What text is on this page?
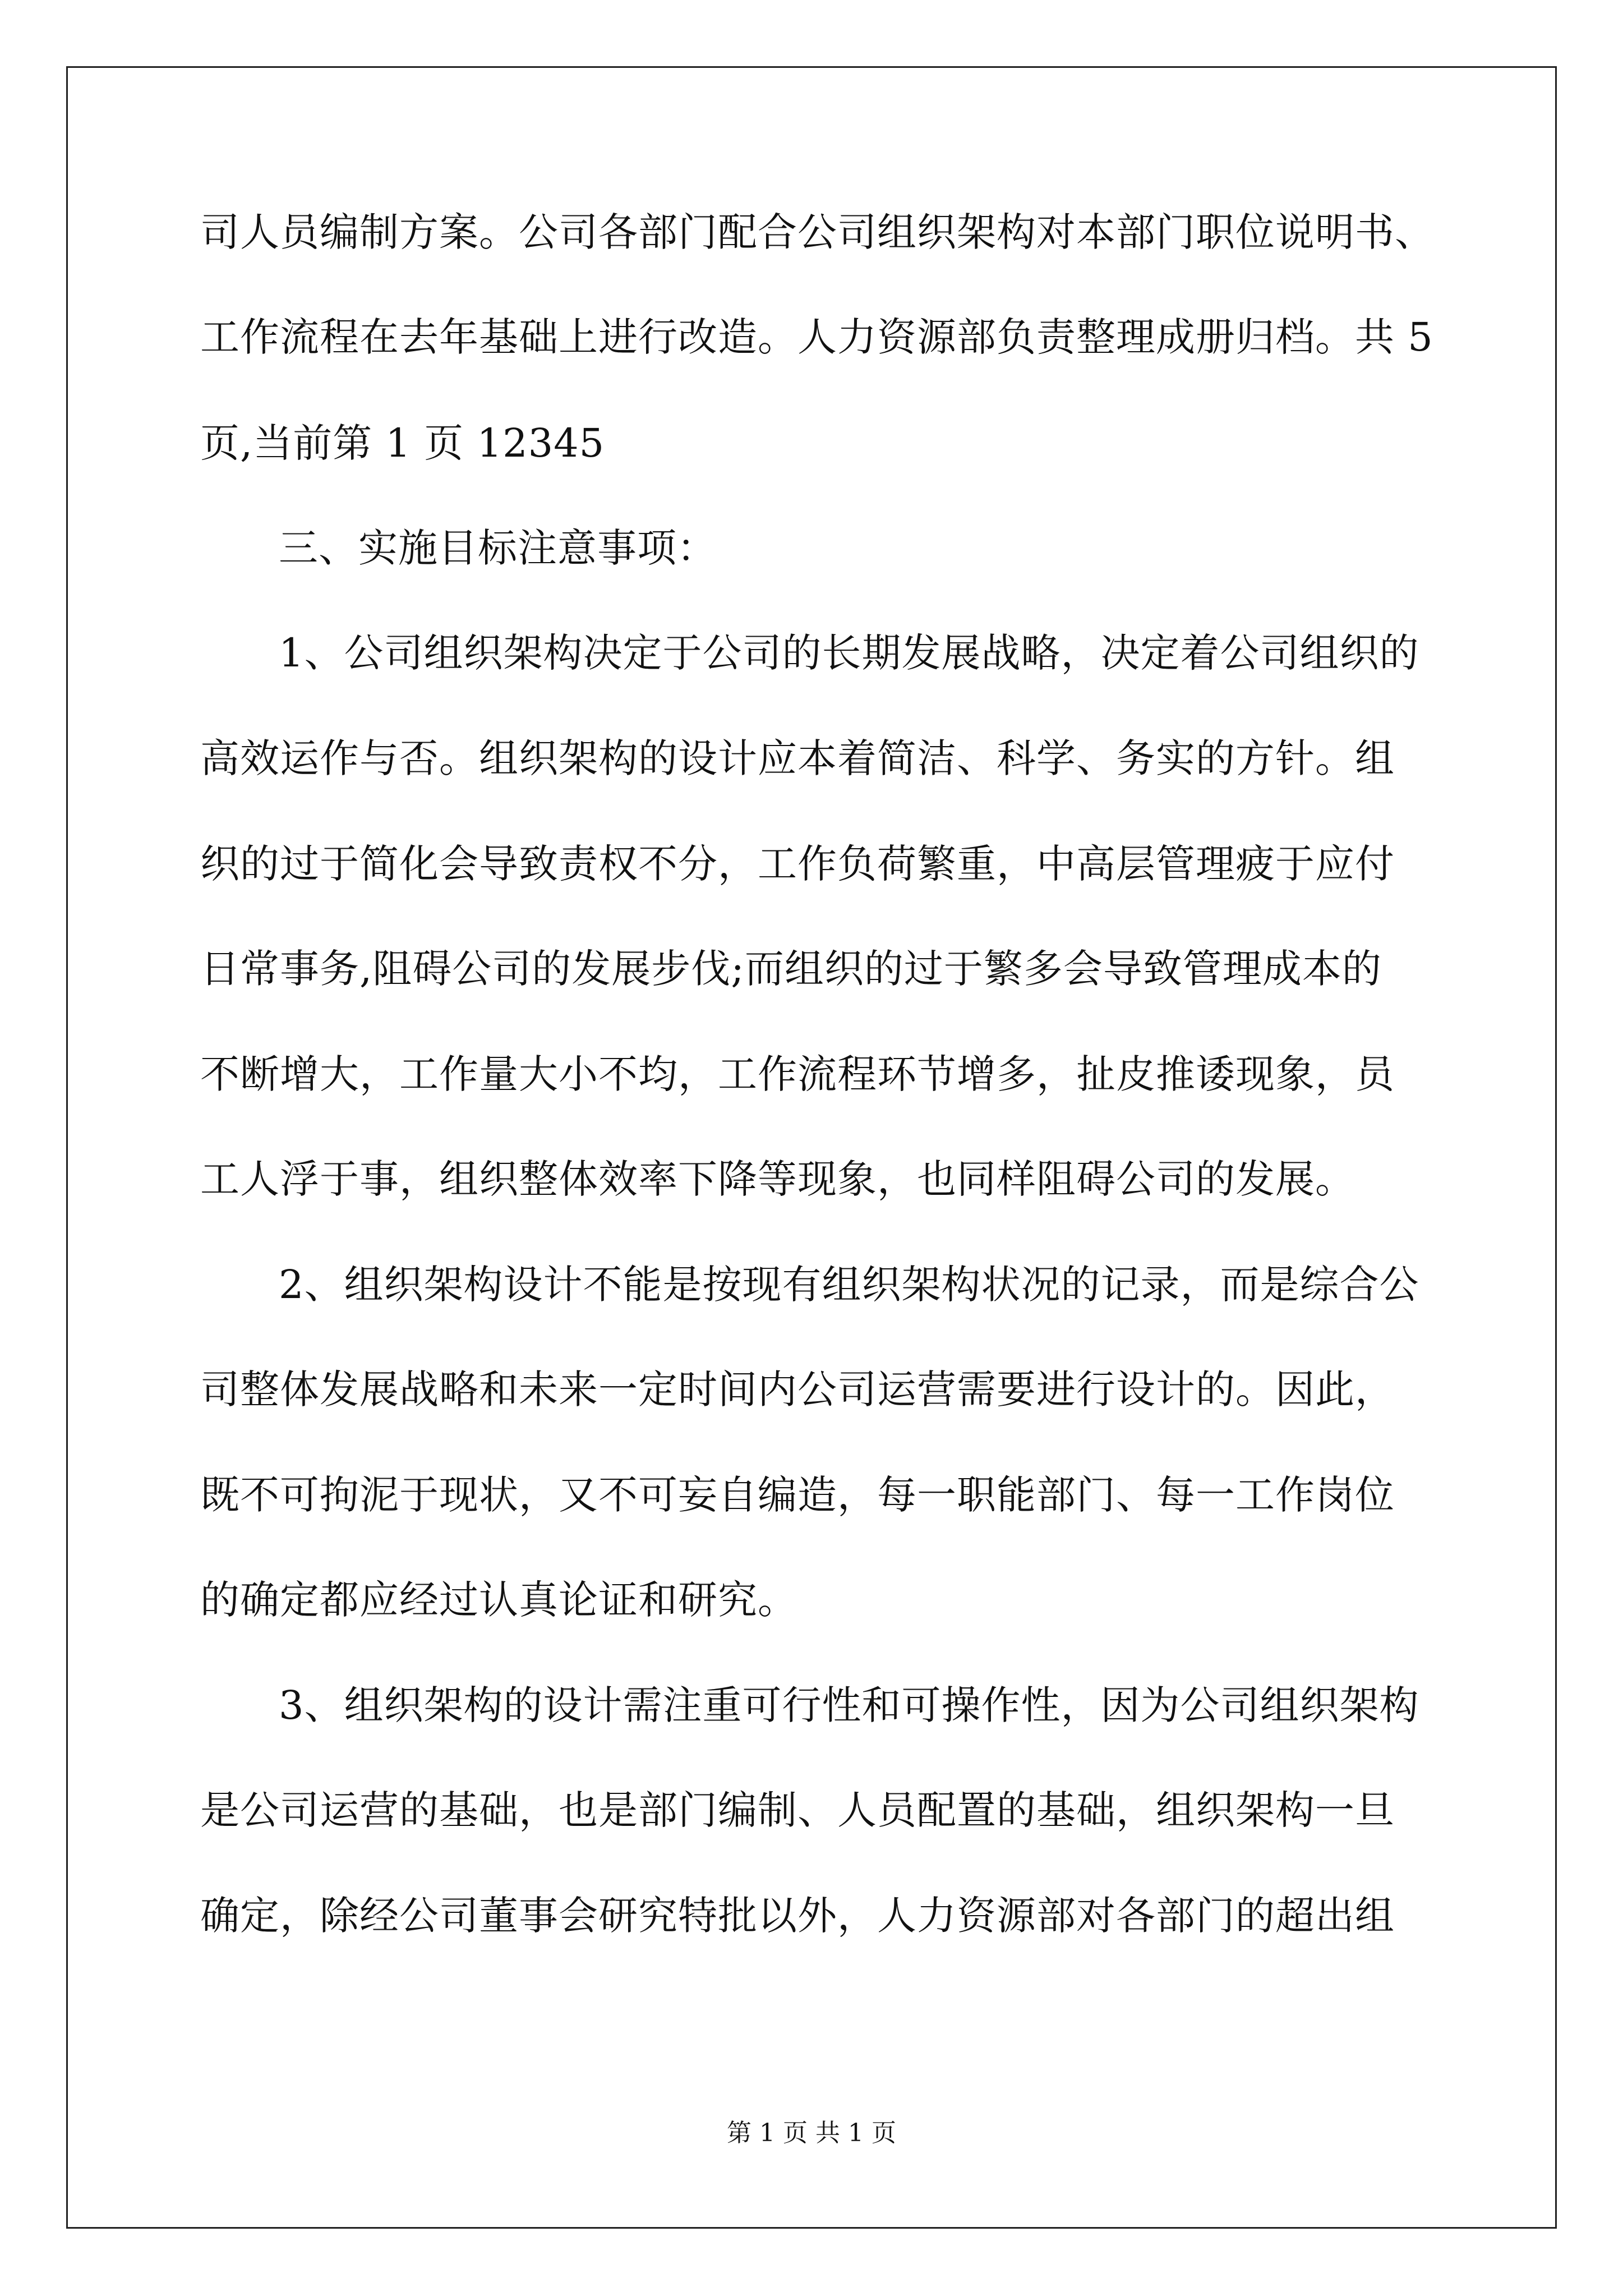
司人员编制方案。公司各部门配合公司组织架构对本部门职位说明书、
工作流程在去年基础上进行改造。人力资源部负责整理成册归档。共 5
页,当前第 1 页 12345
三、实施目标注意事项：
1、公司组织架构决定于公司的长期发展战略，决定着公司组织的
高效运作与否。组织架构的设计应本着简洁、科学、务实的方针。组
织的过于简化会导致责权不分，工作负荷繁重，中高层管理疲于应付
日常事务,阻碍公司的发展步伐;而组织的过于繁多会导致管理成本的
不断增大，工作量大小不均，工作流程环节增多，扯皮推诿现象，员
工人浮于事，组织整体效率下降等现象，也同样阻碍公司的发展。
2、组织架构设计不能是按现有组织架构状况的记录，而是综合公
司整体发展战略和未来一定时间内公司运营需要进行设计的。因此，
既不可拘泥于现状，又不可妄自编造，每一职能部门、每一工作岗位
的确定都应经过认真论证和研究。
3、组织架构的设计需注重可行性和可操作性，因为公司组织架构
是公司运营的基础，也是部门编制、人员配置的基础，组织架构一旦
确定，除经公司董事会研究特批以外，人力资源部对各部门的超出组
第 1 页 共 1 页
